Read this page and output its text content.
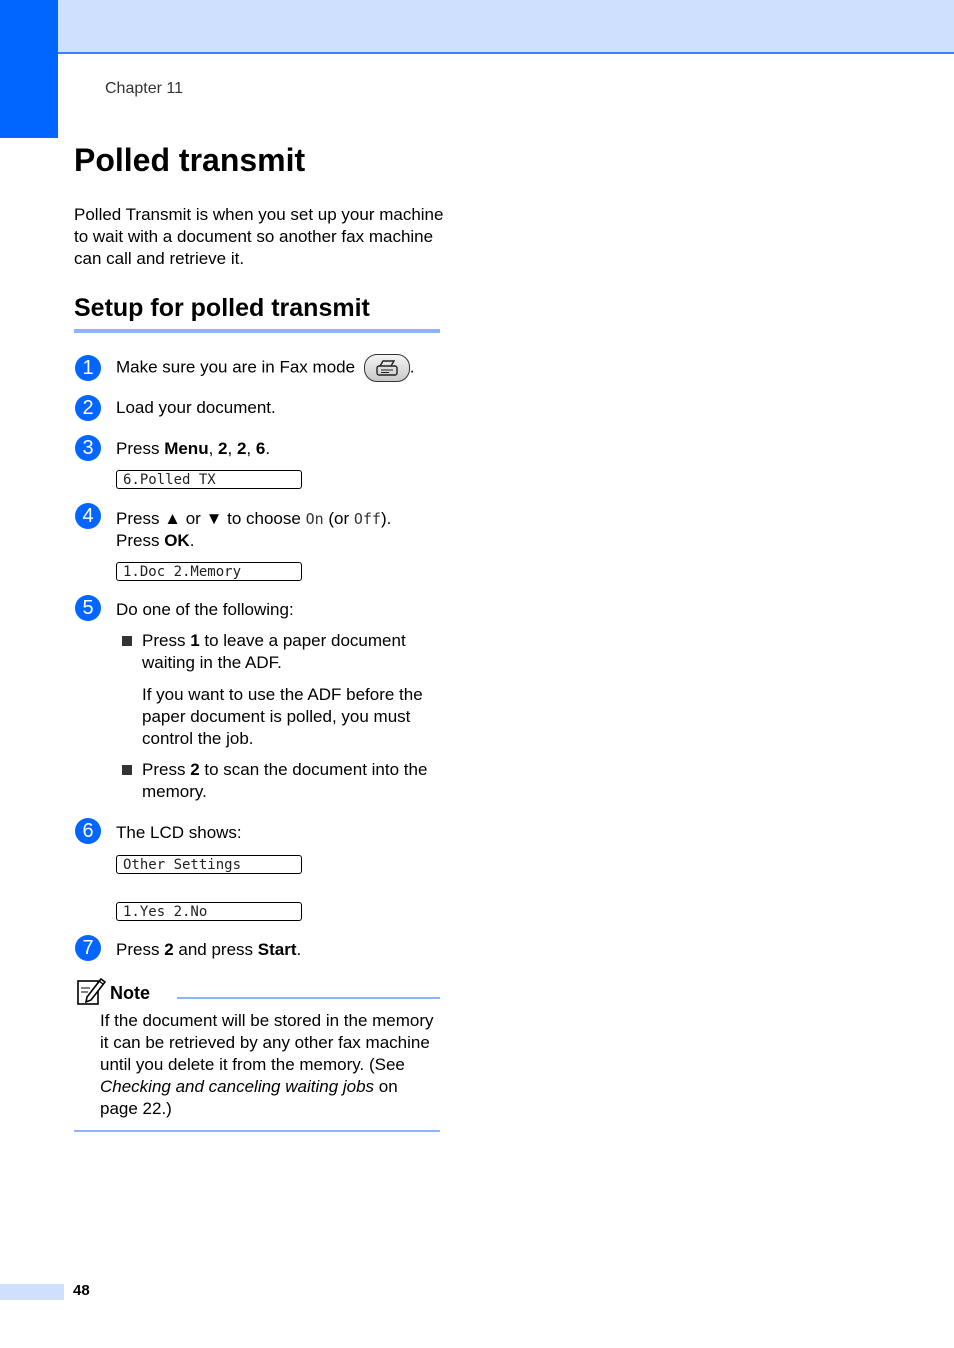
Chapter 11
Polled transmit

Polled Transmit is when you set up your machine to wait with a document so another fax machine can call and retrieve it.

Setup for polled transmit
1	Make sure you are in Fax mode	.
2	Load your document.
3	Press Menu, 2, 2, 6.
6.Polled TX
4	Press ▲ or ▼ to choose On (or Off).
Press OK.
1.Doc 2.Memory
5	Do one of the following:
Press 1 to leave a paper document waiting in the ADF.
If you want to use the ADF before the paper document is polled, you must control the job.
Press 2 to scan the document into the memory.
6	The LCD shows:
Other Settings
1.Yes 2.No
7	Press 2 and press Start.
Note
If the document will be stored in the memory it can be retrieved by any other fax machine until you delete it from the memory. (See Checking and canceling waiting jobs on page 22.)
48
